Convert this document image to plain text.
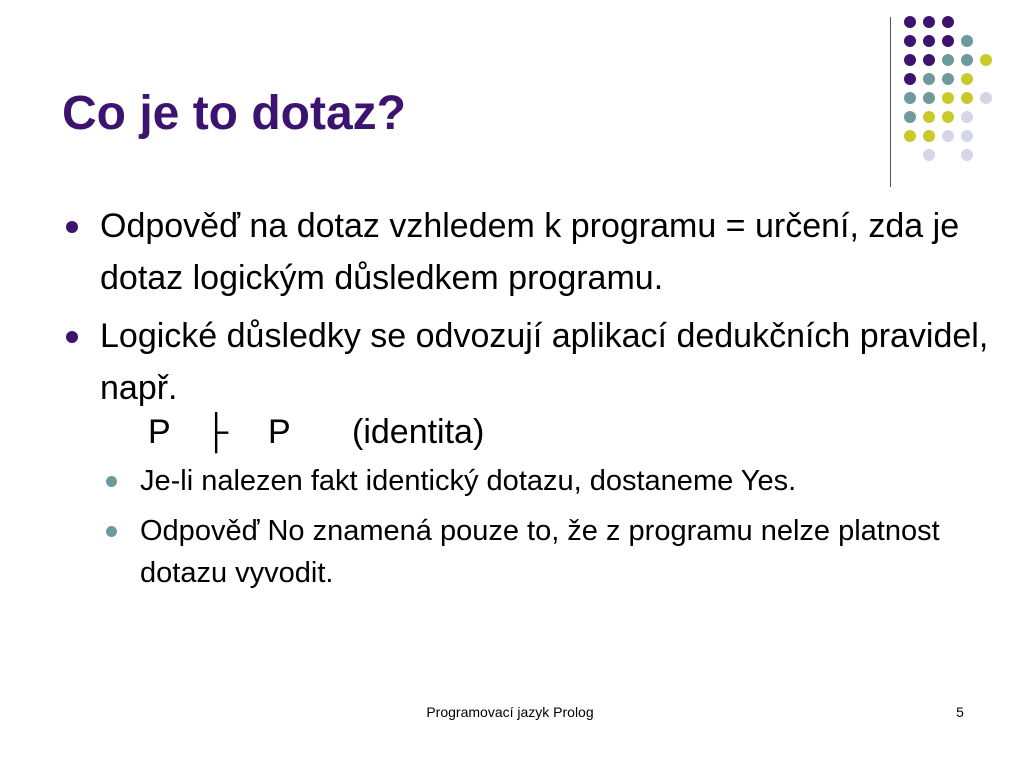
Co je to dotaz?
Odpověď na dotaz vzhledem k programu = určení, zda je dotaz logickým důsledkem programu.
Logické důsledky se odvozují aplikací dedukčních pravidel, např.
P ├ P (identita)
Je-li nalezen fakt identický dotazu, dostaneme Yes.
Odpověď No znamená pouze to, že z programu nelze platnost dotazu vyvodit.
Programovací jazyk Prolog	5
